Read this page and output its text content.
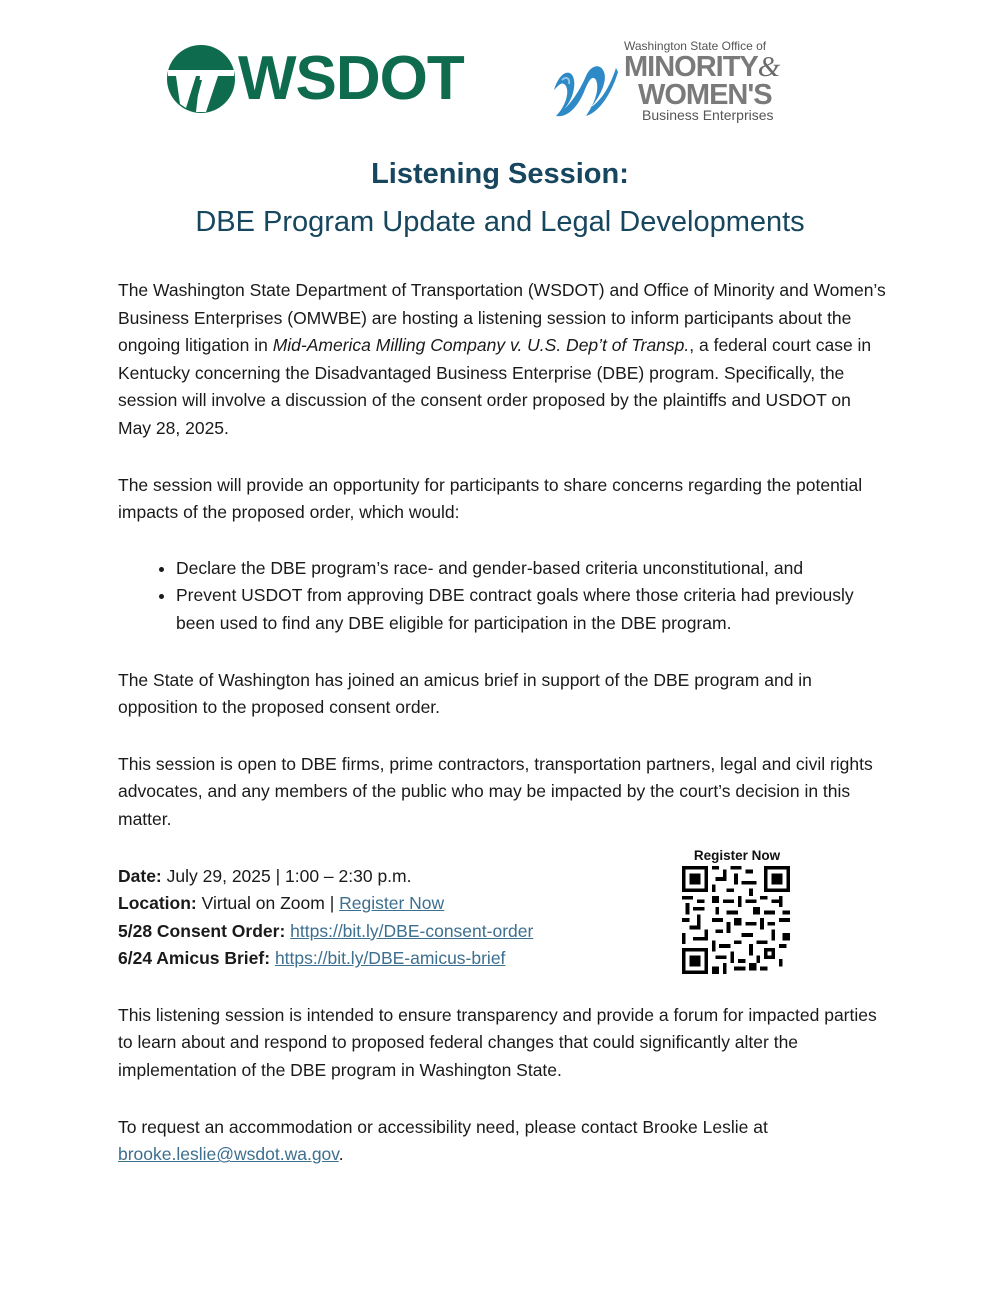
WSDOT	Washington State Office of
MINORITY&
WOMEN'S
Business Enterprises
Listening Session:
DBE Program Update and Legal Developments

The Washington State Department of Transportation (WSDOT) and Office of Minority and Women’s Business Enterprises (OMWBE) are hosting a listening session to inform participants about the ongoing litigation in Mid-America Milling Company v. U.S. Dep’t of Transp., a federal court case in Kentucky concerning the Disadvantaged Business Enterprise (DBE) program. Specifically, the session will involve a discussion of the consent order proposed by the plaintiffs and USDOT on May 28, 2025.

The session will provide an opportunity for participants to share concerns regarding the potential impacts of the proposed order, which would:

• Declare the DBE program’s race- and gender-based criteria unconstitutional, and
• Prevent USDOT from approving DBE contract goals where those criteria had previously been used to find any DBE eligible for participation in the DBE program.

The State of Washington has joined an amicus brief in support of the DBE program and in opposition to the proposed consent order.

This session is open to DBE firms, prime contractors, transportation partners, legal and civil rights advocates, and any members of the public who may be impacted by the court’s decision in this matter.

Date: July 29, 2025 | 1:00 – 2:30 p.m.
Location: Virtual on Zoom | Register Now
5/28 Consent Order: https://bit.ly/DBE-consent-order
6/24 Amicus Brief: https://bit.ly/DBE-amicus-brief

This listening session is intended to ensure transparency and provide a forum for impacted parties to learn about and respond to proposed federal changes that could significantly alter the implementation of the DBE program in Washington State.

To request an accommodation or accessibility need, please contact Brooke Leslie at brooke.leslie@wsdot.wa.gov.

Register Now
